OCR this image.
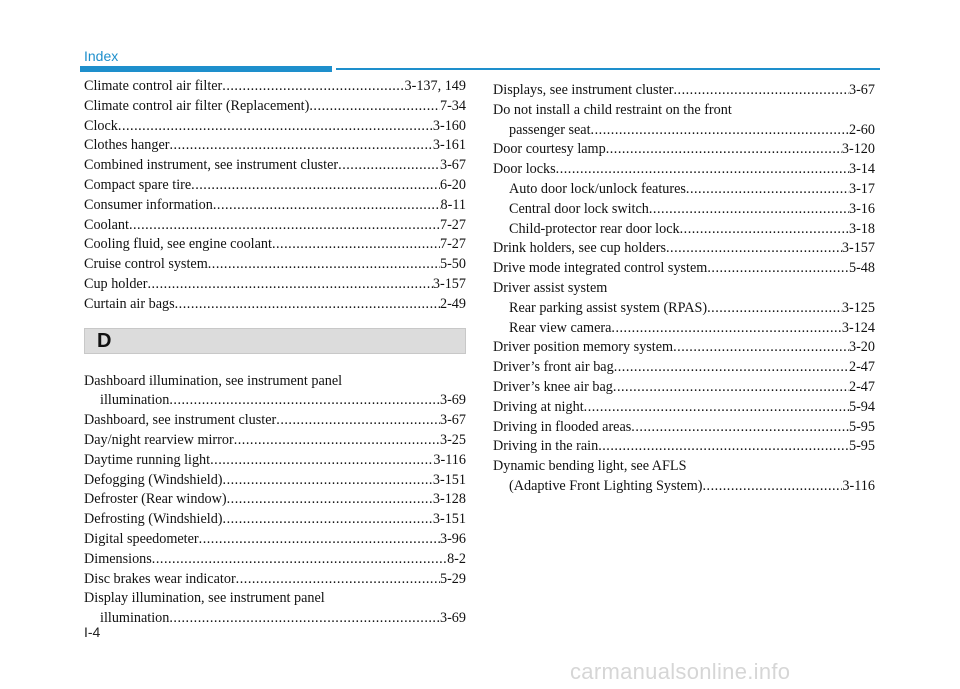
Index
Climate control air filter .....	3-137, 149
Climate control air filter (Replacement) .....	7-34
Clock .....	3-160
Clothes hanger .....	3-161
Combined instrument, see instrument cluster .....	3-67
Compact spare tire .....	6-20
Consumer information .....	8-11
Coolant .....	7-27
Cooling fluid, see engine coolant .....	7-27
Cruise control system .....	5-50
Cup holder .....	3-157
Curtain air bags .....	2-49
D
Dashboard illumination, see instrument panel
illumination .....	3-69
Dashboard, see instrument cluster .....	3-67
Day/night rearview mirror .....	3-25
Daytime running light .....	3-116
Defogging (Windshield) .....	3-151
Defroster (Rear window) .....	3-128
Defrosting (Windshield) .....	3-151
Digital speedometer .....	3-96
Dimensions .....	8-2
Disc brakes wear indicator .....	5-29
Display illumination, see instrument panel
illumination .....	3-69
Displays, see instrument cluster .....	3-67
Do not install a child restraint on the front
passenger seat .....	2-60
Door courtesy lamp .....	3-120
Door locks .....	3-14
Auto door lock/unlock features .....	3-17
Central door lock switch .....	3-16
Child-protector rear door lock .....	3-18
Drink holders, see cup holders .....	3-157
Drive mode integrated control system .....	5-48
Driver assist system
Rear parking assist system (RPAS) .....	3-125
Rear view camera .....	3-124
Driver position memory system .....	3-20
Driver’s front air bag .....	2-47
Driver’s knee air bag .....	2-47
Driving at night .....	5-94
Driving in flooded areas .....	5-95
Driving in the rain .....	5-95
Dynamic bending light, see AFLS
(Adaptive Front Lighting System) .....	3-116
I-4
carmanualsonline.info
